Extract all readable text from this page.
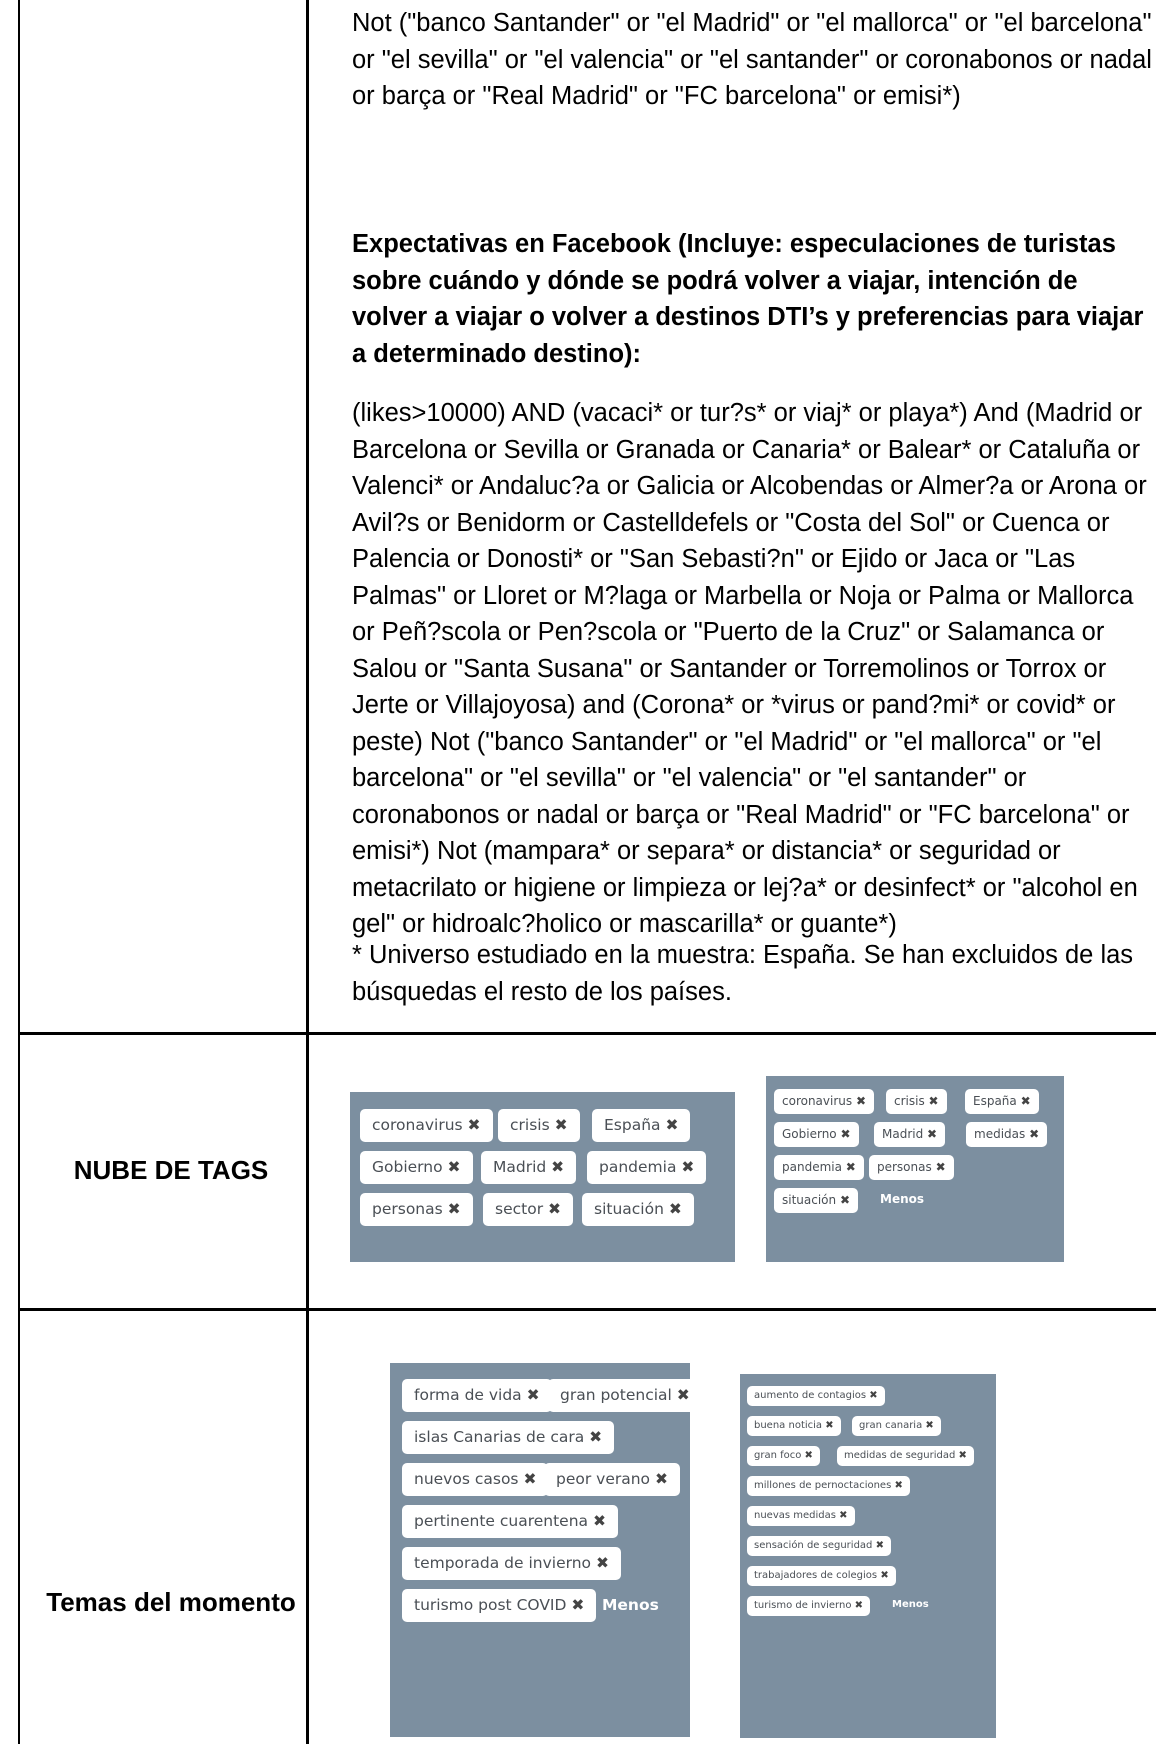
Not ("banco Santander" or "el Madrid" or "el mallorca" or "el barcelona" or "el sevilla" or "el valencia" or "el santander" or coronabonos or nadal or barça or "Real Madrid" or "FC barcelona" or emisi*)
Expectativas en Facebook (Incluye: especulaciones de turistas sobre cuándo y dónde se podrá volver a viajar, intención de volver a viajar o volver a destinos DTI’s y preferencias para viajar a determinado destino):
(likes>10000) AND (vacaci* or tur?s* or viaj* or playa*) And (Madrid or Barcelona or Sevilla or Granada or Canaria* or Balear* or Cataluña or Valenci* or Andaluc?a or Galicia or Alcobendas or Almer?a or Arona or Avil?s or Benidorm or Castelldefels or "Costa del Sol" or Cuenca or Palencia or Donosti* or "San Sebasti?n" or Ejido or Jaca or "Las Palmas" or Lloret or M?laga or Marbella or Noja or Palma or Mallorca or Peñ?scola or Pen?scola or "Puerto de la Cruz" or Salamanca or Salou or "Santa Susana" or Santander or Torremolinos or Torrox or Jerte or Villajoyosa) and (Corona* or *virus or pand?mi* or covid* or peste) Not ("banco Santander" or "el Madrid" or "el mallorca" or "el barcelona" or "el sevilla" or "el valencia" or "el santander" or coronabonos or nadal or barça or "Real Madrid" or "FC barcelona" or emisi*) Not (mampara* or separa* or distancia* or seguridad or metacrilato or higiene or limpieza or lej?a* or desinfect* or "alcohol en gel" or hidroalc?holico or mascarilla* or guante*)
* Universo estudiado en la muestra: España. Se han excluidos de las búsquedas el resto de los países.
NUBE DE TAGS
coronavirus ✖	crisis ✖	España ✖
Gobierno ✖	Madrid ✖	pandemia ✖
personas ✖	sector ✖	situación ✖
coronavirus ✖	crisis ✖	España ✖
Gobierno ✖	Madrid ✖	medidas ✖
pandemia ✖	personas ✖
situación ✖	Menos
Temas del momento
forma de vida ✖	gran potencial ✖
islas Canarias de cara ✖
nuevos casos ✖	peor verano ✖
pertinente cuarentena ✖
temporada de invierno ✖
turismo post COVID ✖	Menos
aumento de contagios ✖
buena noticia ✖	gran canaria ✖
gran foco ✖	medidas de seguridad ✖
millones de pernoctaciones ✖
nuevas medidas ✖
sensación de seguridad ✖
trabajadores de colegios ✖
turismo de invierno ✖	Menos
